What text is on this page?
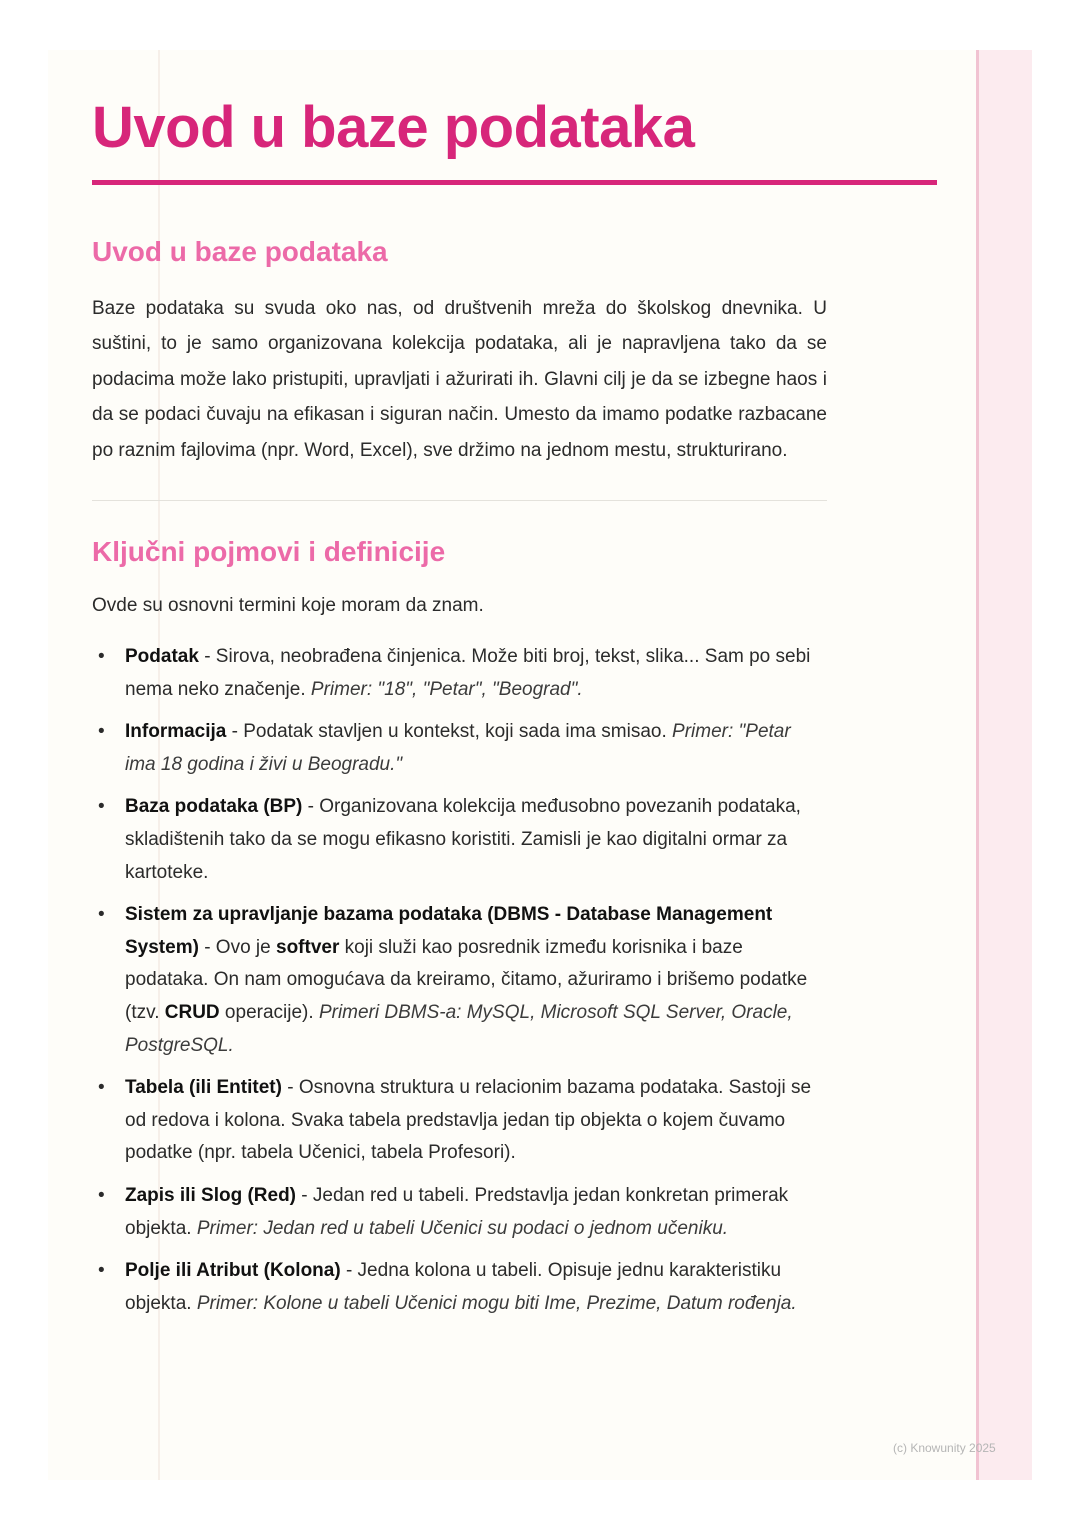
Uvod u baze podataka
Uvod u baze podataka

Baze podataka su svuda oko nas, od društvenih mreža do školskog dnevnika. U suštini, to je samo organizovana kolekcija podataka, ali je napravljena tako da se podacima može lako pristupiti, upravljati i ažurirati ih. Glavni cilj je da se izbegne haos i da se podaci čuvaju na efikasan i siguran način. Umesto da imamo podatke razbacane po raznim fajlovima (npr. Word, Excel), sve držimo na jednom mestu, strukturirano.

Ključni pojmovi i definicije

Ovde su osnovni termini koje moram da znam.

• Podatak - Sirova, neobrađena činjenica. Može biti broj, tekst, slika... Sam po sebi nema neko značenje. Primer: "18", "Petar", "Beograd".
• Informacija - Podatak stavljen u kontekst, koji sada ima smisao. Primer: "Petar ima 18 godina i živi u Beogradu."
• Baza podataka (BP) - Organizovana kolekcija međusobno povezanih podataka, skladištenih tako da se mogu efikasno koristiti. Zamisli je kao digitalni ormar za kartoteke.
• Sistem za upravljanje bazama podataka (DBMS - Database Management System) - Ovo je softver koji služi kao posrednik između korisnika i baze podataka. On nam omogućava da kreiramo, čitamo, ažuriramo i brišemo podatke (tzv. CRUD operacije). Primeri DBMS-a: MySQL, Microsoft SQL Server, Oracle, PostgreSQL.
• Tabela (ili Entitet) - Osnovna struktura u relacionim bazama podataka. Sastoji se od redova i kolona. Svaka tabela predstavlja jedan tip objekta o kojem čuvamo podatke (npr. tabela Učenici, tabela Profesori).
• Zapis ili Slog (Red) - Jedan red u tabeli. Predstavlja jedan konkretan primerak objekta. Primer: Jedan red u tabeli Učenici su podaci o jednom učeniku.
• Polje ili Atribut (Kolona) - Jedna kolona u tabeli. Opisuje jednu karakteristiku objekta. Primer: Kolone u tabeli Učenici mogu biti Ime, Prezime, Datum rođenja.
(c) Knowunity 2025
